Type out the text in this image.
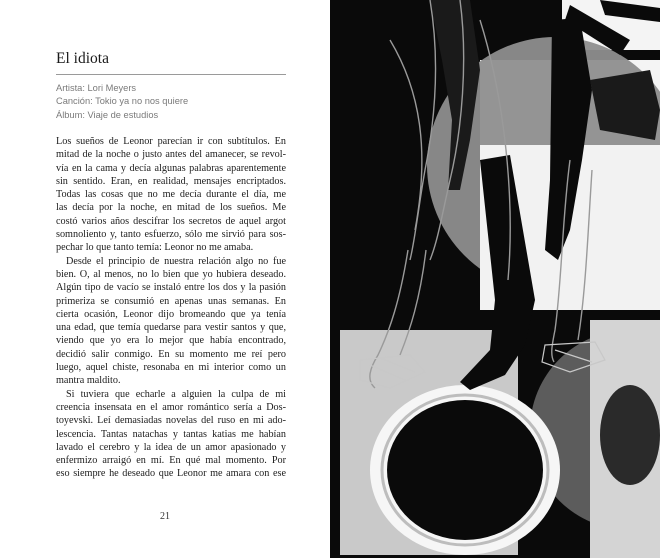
El idiota
Artista: Lori Meyers
Canción: Tokio ya no nos quiere
Álbum: Viaje de estudios
Los sueños de Leonor parecían ir con subtítulos. En
mitad de la noche o justo antes del amanecer, se revol-
vía en la cama y decía algunas palabras aparentemente
sin sentido. Eran, en realidad, mensajes encriptados.
Todas las cosas que no me decía durante el día, me
las decía por la noche, en mitad de los sueños. Me
costó varios años descifrar los secretos de aquel argot
somnoliento y, tanto esfuerzo, sólo me sirvió para sos-
pechar lo que tanto temía: Leonor no me amaba.
Desde el principio de nuestra relación algo no fue
bien. O, al menos, no lo bien que yo hubiera deseado.
Algún tipo de vacío se instaló entre los dos y la pasión
primeriza se consumió en apenas unas semanas. En
cierta ocasión, Leonor dijo bromeando que ya tenía
una edad, que temía quedarse para vestir santos y que,
viendo que yo era lo mejor que había encontrado,
decidió salir conmigo. En su momento me reí pero
luego, aquel chiste, resonaba en mi interior como un
mantra maldito.
Si tuviera que echarle a alguien la culpa de mi
creencia insensata en el amor romántico sería a Dos-
toyevski. Leí demasiadas novelas del ruso en mi ado-
lescencia. Tantas natachas y tantas katias me habían
lavado el cerebro y la idea de un amor apasionado y
enfermizo arraigó en mí. En qué mal momento. Por
eso siempre he deseado que Leonor me amara con ese
21
